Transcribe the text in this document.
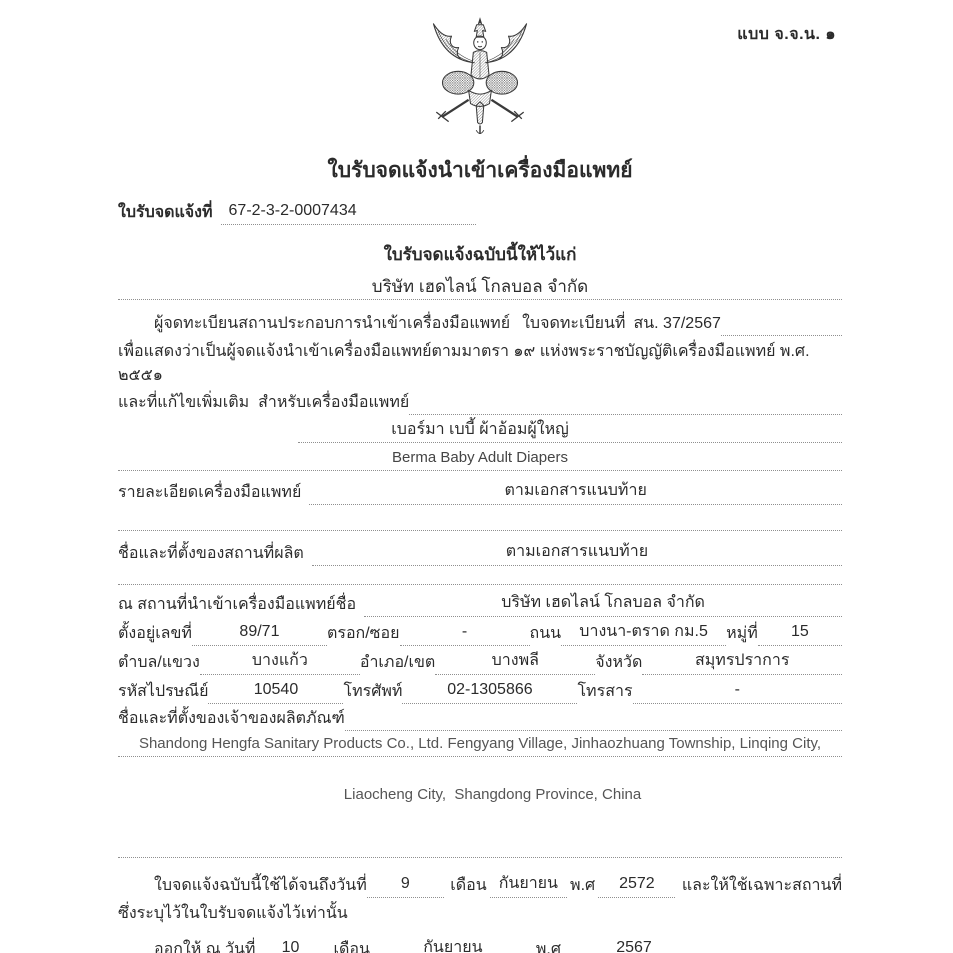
แบบ จ.จ.น. ๑
ใบรับจดแจ้งนำเข้าเครื่องมือแพทย์
ใบรับจดแจ้งที่	67-2-3-2-0007434
ใบรับจดแจ้งฉบับนี้ให้ไว้แก่
บริษัท เฮดไลน์ โกลบอล จำกัด
ผู้จดทะเบียนสถานประกอบการนำเข้าเครื่องมือแพทย์ ใบจดทะเบียนที่ สน. 37/2567
เพื่อแสดงว่าเป็นผู้จดแจ้งนำเข้าเครื่องมือแพทย์ตามมาตรา ๑๙ แห่งพระราชบัญญัติเครื่องมือแพทย์ พ.ศ. ๒๕๕๑
และที่แก้ไขเพิ่มเติม  สำหรับเครื่องมือแพทย์
เบอร์มา เบบี้ ผ้าอ้อมผู้ใหญ่
Berma Baby Adult Diapers
รายละเอียดเครื่องมือแพทย์	ตามเอกสารแนบท้าย
ชื่อและที่ตั้งของสถานที่ผลิต	ตามเอกสารแนบท้าย
ณ สถานที่นำเข้าเครื่องมือแพทย์ชื่อ	บริษัท เฮดไลน์ โกลบอล จำกัด
ตั้งอยู่เลขที่	89/71	ตรอก/ซอย	-	ถนน	บางนา-ตราด กม.5	หมู่ที่	15
ตำบล/แขวง	บางแก้ว	อำเภอ/เขต	บางพลี	จังหวัด	สมุทรปราการ
รหัสไปรษณีย์	10540	โทรศัพท์	02-1305866	โทรสาร	-
ชื่อและที่ตั้งของเจ้าของผลิตภัณฑ์
Shandong Hengfa Sanitary Products Co., Ltd. Fengyang Village, Jinhaozhuang Township, Linqing City,

Liaocheng City,  Shangdong Province, China

ใบจดแจ้งฉบับนี้ใช้ได้จนถึงวันที่	9	เดือน กันยายน พ.ศ	2572	และให้ใช้เฉพาะสถานที่
ซึ่งระบุไว้ในใบรับจดแจ้งไว้เท่านั้น
ออกให้ ณ วันที่	10	เดือน	กันยายน	พ.ศ	2567
